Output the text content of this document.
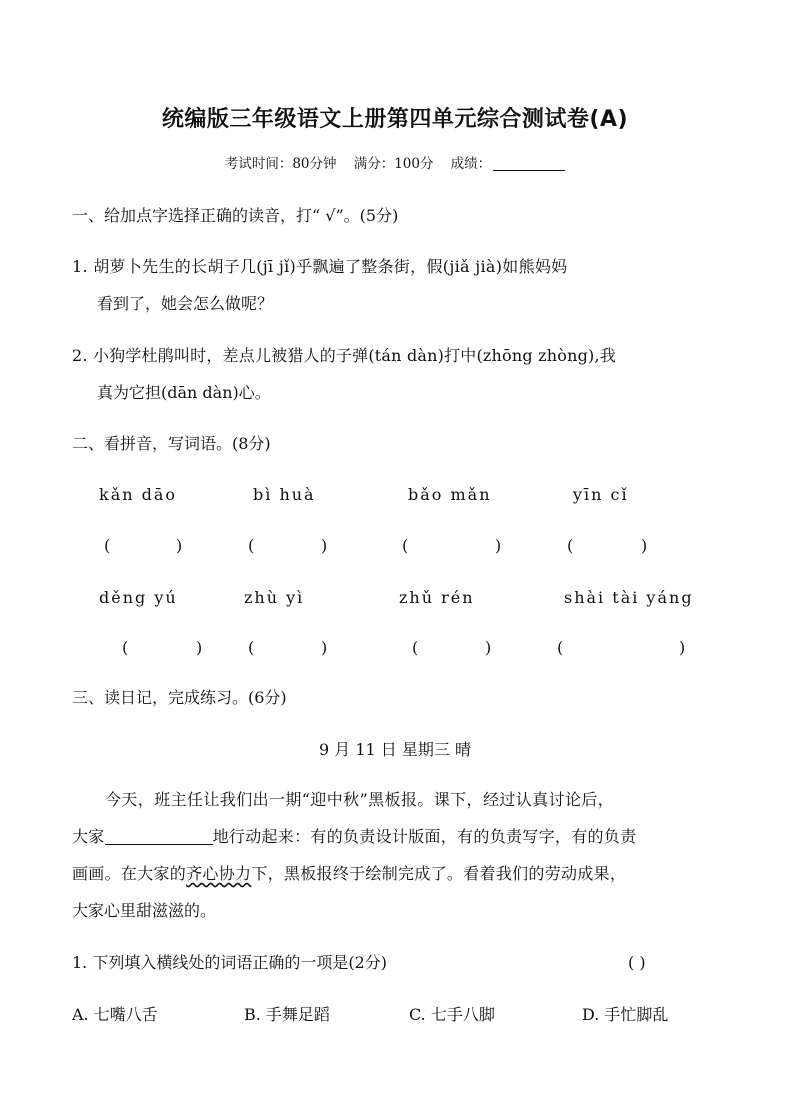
统编版三年级语文上册第四单元综合测试卷(A)
考试时间：80分钟 满分：100分 成绩：
一、给加点字选择正确的读音，打“ √”。(5分)
1. 胡萝卜先生的长胡子几(jī jǐ)乎飘遍了整条街，假(jiǎ jià)如熊妈妈
看到了，她会怎么做呢？
2. 小狗学杜鹃叫时，差点儿被猎人的子弹(tán dàn)打中(zhōng zhòng),我
真为它担(dān dàn)心。
二、看拼音，写词语。(8分)
kǎn dāo	bì huà	bǎo mǎn	yīn cǐ
(	)	(	)	(	)	(	)
děng yú	zhù yì	zhǔ rén	shài tài yáng
(	)	(	)	(	)	(	)
三、读日记，完成练习。(6分)
9 月 11 日 星期三 晴
今天，班主任让我们出一期“迎中秋”黑板报。课下，经过认真讨论后，
大家	地行动起来：有的负责设计版面，有的负责写字，有的负责
画画。在大家的齐心协力下，黑板报终于绘制完成了。看着我们的劳动成果，
大家心里甜滋滋的。
1. 下列填入横线处的词语正确的一项是(2分)	( )
A. 七嘴八舌	B. 手舞足蹈	C. 七手八脚	D. 手忙脚乱
